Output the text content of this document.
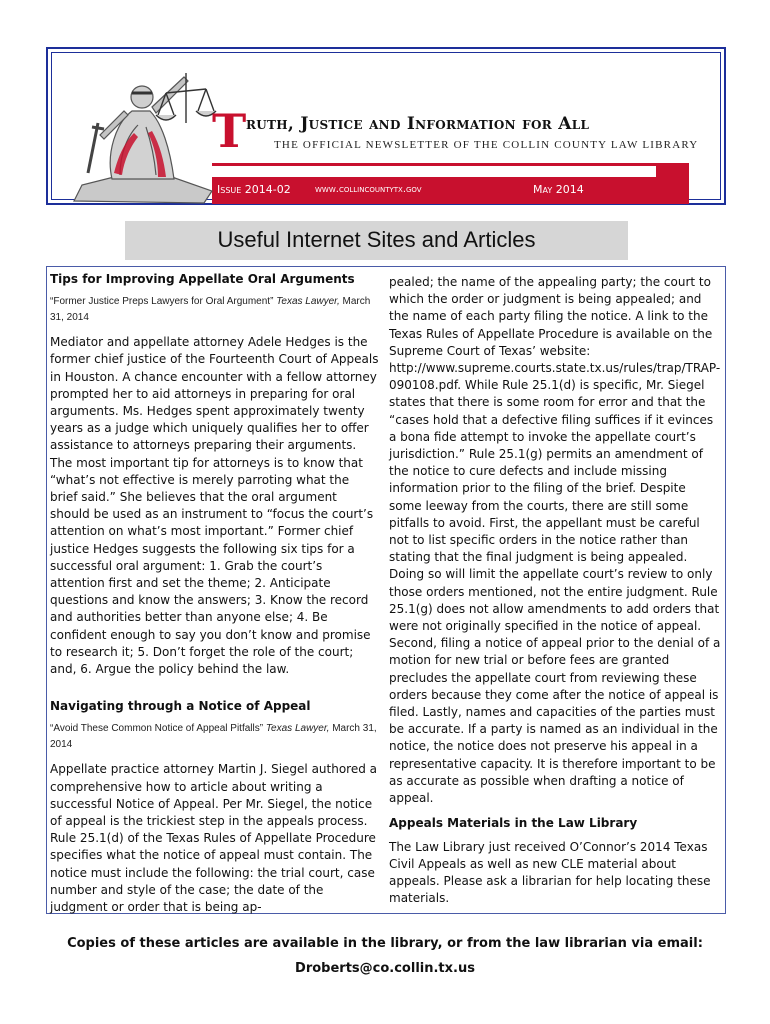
T ruth, Justice and Information for All
THE OFFICIAL NEWSLETTER OF THE COLLIN COUNTY LAW LIBRARY
Issue 2014-02 www.collincountytx.gov	May 2014
Useful Internet Sites and Articles
Tips for Improving Appellate Oral Arguments
“Former Justice Preps Lawyers for Oral Argument” Texas Lawyer, March 31, 2014

Mediator and appellate attorney Adele Hedges is the former chief justice of the Fourteenth Court of Appeals in Houston. A chance encounter with a fellow attorney prompted her to aid attorneys in preparing for oral arguments. Ms. Hedges spent approximately twenty years as a judge which uniquely qualifies her to offer assistance to attorneys preparing their arguments. The most important tip for attorneys is to know that “what’s not effective is merely parroting what the brief said.” She believes that the oral argument should be used as an instrument to “focus the court’s attention on what’s most important.” Former chief justice Hedges suggests the following six tips for a successful oral argument: 1. Grab the court’s attention first and set the theme; 2. Anticipate questions and know the answers; 3. Know the record and authorities better than anyone else; 4. Be confident enough to say you don’t know and promise to research it; 5. Don’t forget the role of the court; and, 6. Argue the policy behind the law.

Navigating through a Notice of Appeal
“Avoid These Common Notice of Appeal Pitfalls” Texas Lawyer, March 31, 2014

Appellate practice attorney Martin J. Siegel authored a comprehensive how to article about writing a successful Notice of Appeal. Per Mr. Siegel, the notice of appeal is the trickiest step in the appeals process. Rule 25.1(d) of the Texas Rules of Appellate Procedure specifies what the notice of appeal must contain. The notice must include the following: the trial court, case number and style of the case; the date of the judgment or order that is being ap-

pealed; the name of the appealing party; the court to which the order or judgment is being appealed; and the name of each party filing the notice. A link to the Texas Rules of Appellate Procedure is available on the Supreme Court of Texas’ website: http://www.supreme.courts.state.tx.us/rules/trap/TRAP-090108.pdf. While Rule 25.1(d) is specific, Mr. Siegel states that there is some room for error and that the “cases hold that a defective filing suffices if it evinces a bona fide attempt to invoke the appellate court’s jurisdiction.” Rule 25.1(g) permits an amendment of the notice to cure defects and include missing information prior to the filing of the brief. Despite some leeway from the courts, there are still some pitfalls to avoid. First, the appellant must be careful not to list specific orders in the notice rather than stating that the final judgment is being appealed. Doing so will limit the appellate court’s review to only those orders mentioned, not the entire judgment. Rule 25.1(g) does not allow amendments to add orders that were not originally specified in the notice of appeal. Second, filing a notice of appeal prior to the denial of a motion for new trial or before fees are granted precludes the appellate court from reviewing these orders because they come after the notice of appeal is filed. Lastly, names and capacities of the parties must be accurate. If a party is named as an individual in the notice, the notice does not preserve his appeal in a representative capacity. It is therefore important to be as accurate as possible when drafting a notice of appeal.

Appeals Materials in the Law Library

The Law Library just received O’Connor’s 2014 Texas Civil Appeals as well as new CLE material about appeals. Please ask a librarian for help locating these materials.

Copies of these articles are available in the library, or from the law librarian via email:
Droberts@co.collin.tx.us
